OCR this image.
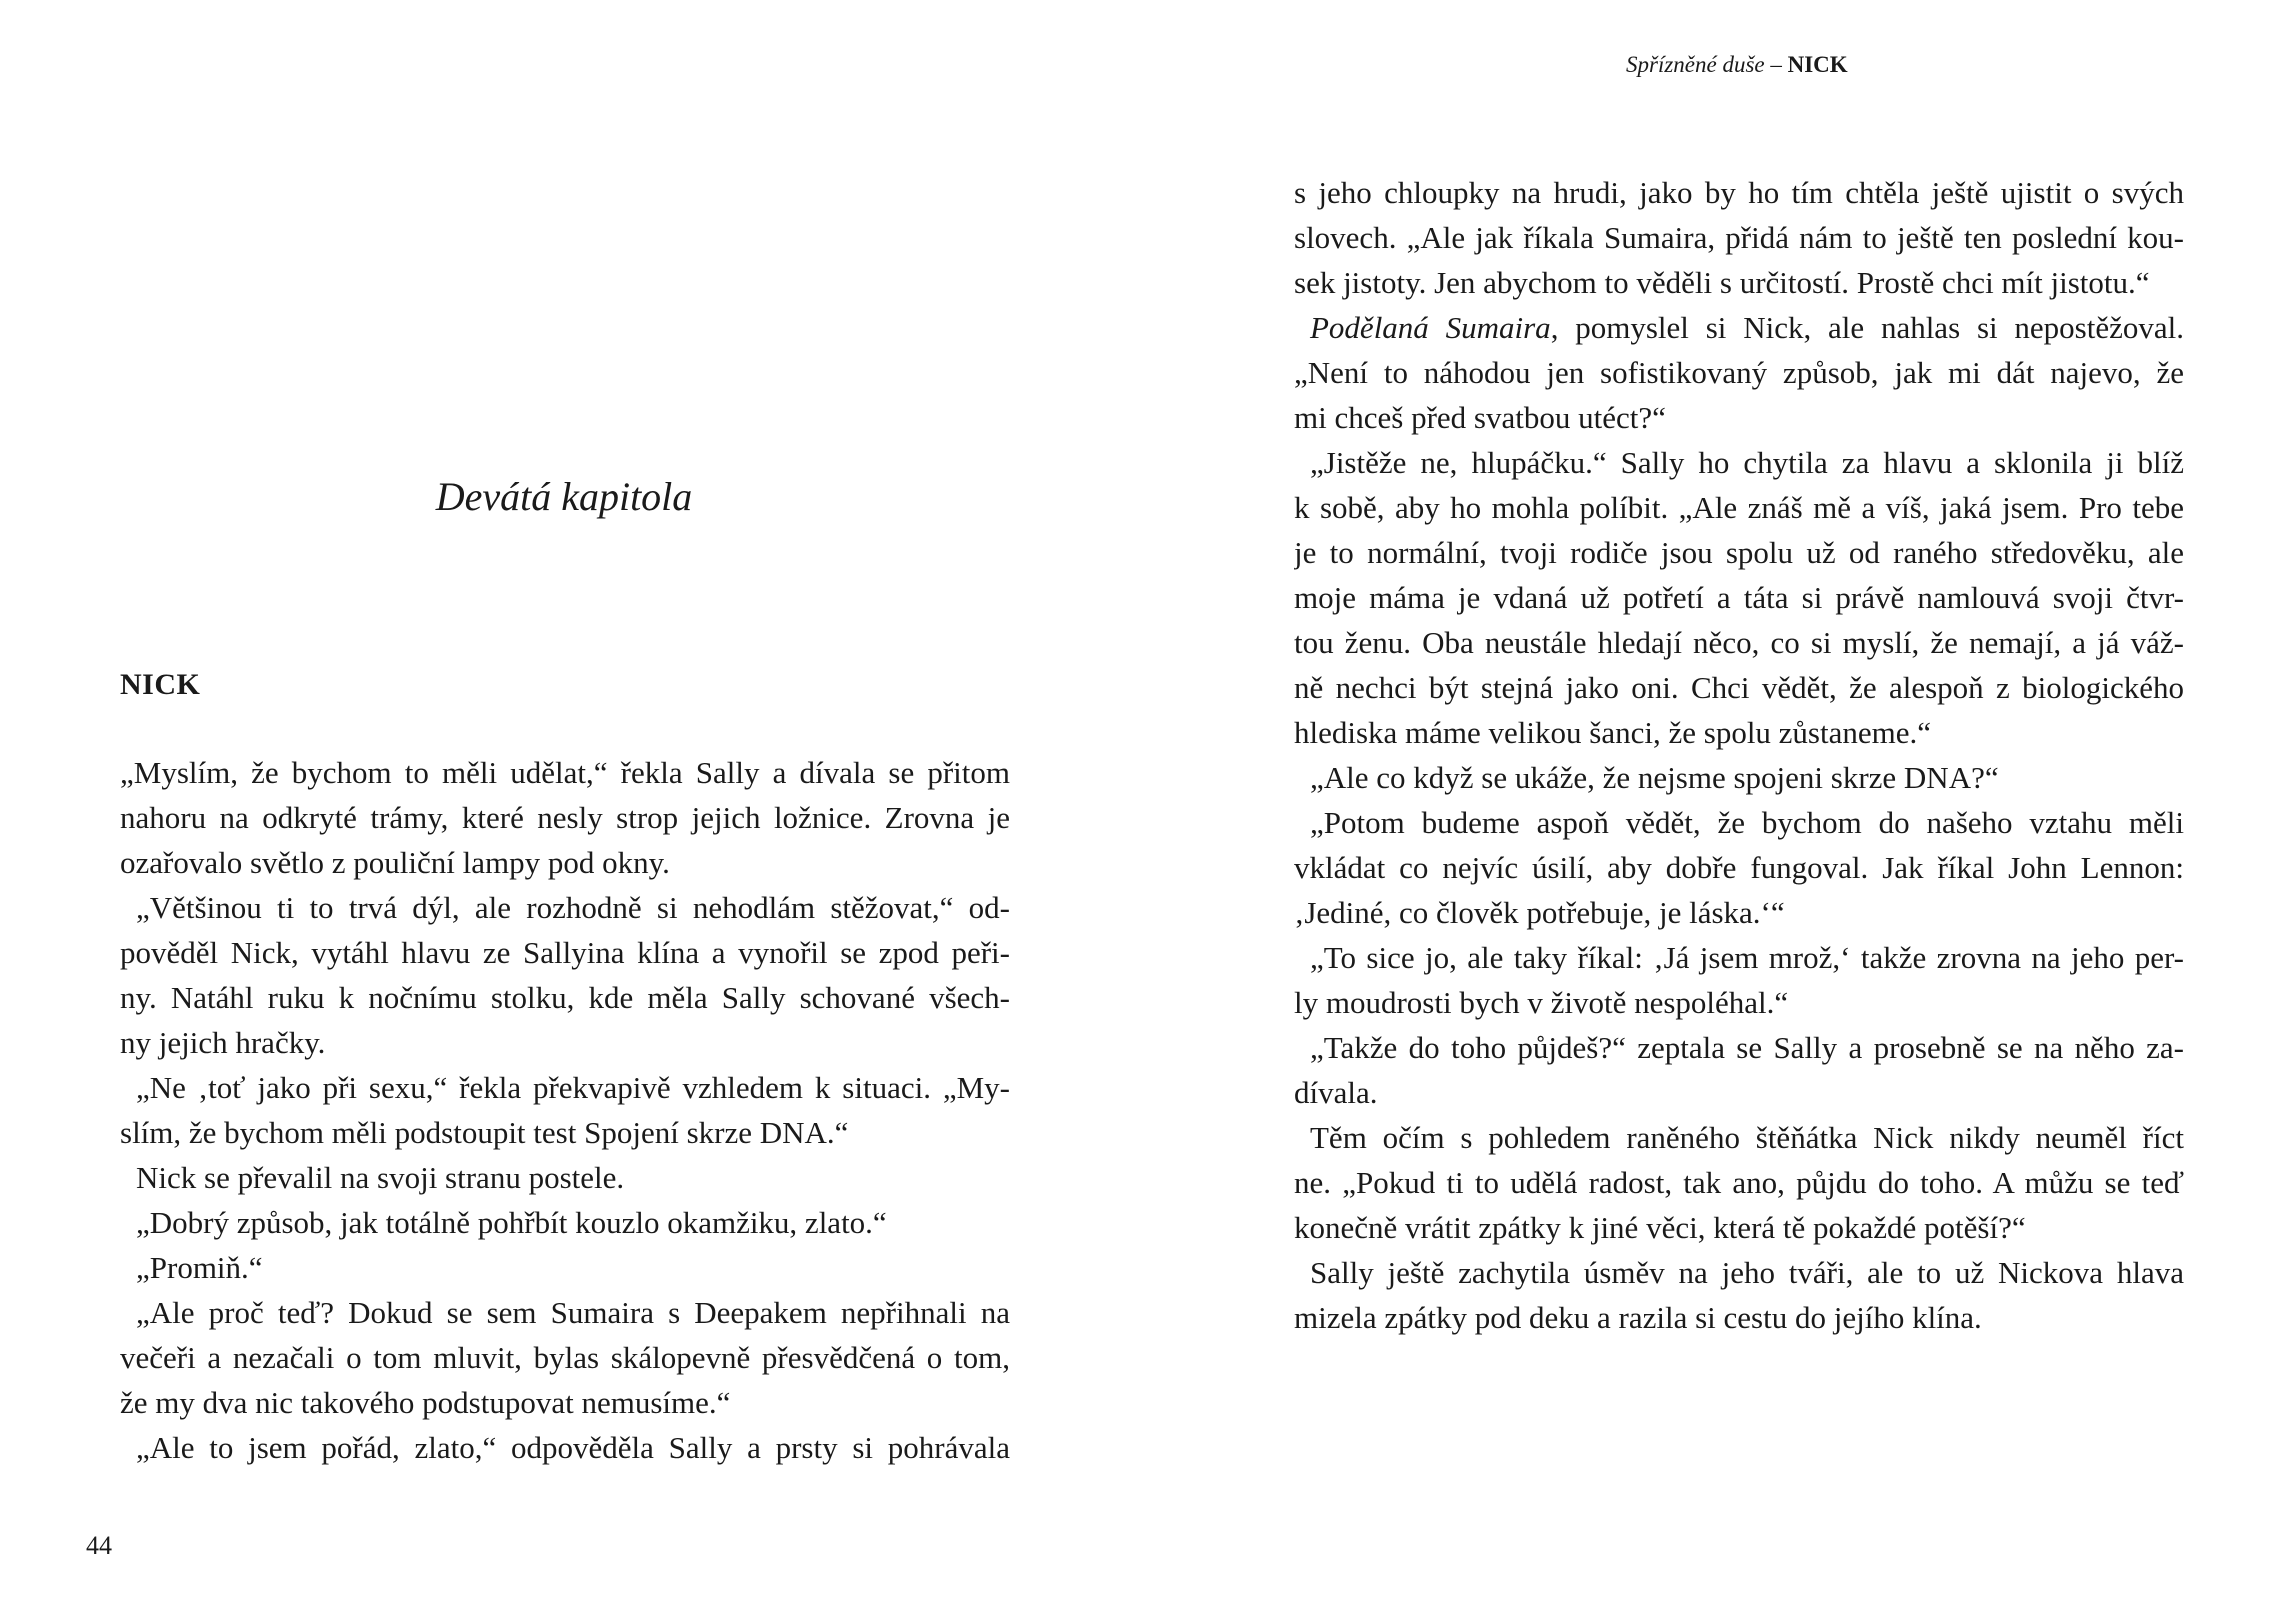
Spřízněné duše – NICK
Devátá kapitola
NICK
„Myslím, že bychom to měli udělat,“ řekla Sally a dívala se přitom
nahoru na odkryté trámy, které nesly strop jejich ložnice. Zrovna je
ozařovalo světlo z pouliční lampy pod okny.
„Většinou ti to trvá dýl, ale rozhodně si nehodlám stěžovat,“ od-
pověděl Nick, vytáhl hlavu ze Sallyina klína a vynořil se zpod peři-
ny. Natáhl ruku k nočnímu stolku, kde měla Sally schované všech-
ny jejich hračky.
„Ne ‚toť jako při sexu,“ řekla překvapivě vzhledem k situaci. „My-
slím, že bychom měli podstoupit test Spojení skrze DNA.“
Nick se převalil na svoji stranu postele.
„Dobrý způsob, jak totálně pohřbít kouzlo okamžiku, zlato.“
„Promiň.“
„Ale proč teď? Dokud se sem Sumaira s Deepakem nepřihnali na
večeři a nezačali o tom mluvit, bylas skálopevně přesvědčená o tom,
že my dva nic takového podstupovat nemusíme.“
„Ale to jsem pořád, zlato,“ odpověděla Sally a prsty si pohrávala
s jeho chloupky na hrudi, jako by ho tím chtěla ještě ujistit o svých
slovech. „Ale jak říkala Sumaira, přidá nám to ještě ten poslední kou-
sek jistoty. Jen abychom to věděli s určitostí. Prostě chci mít jistotu.“
Podělaná Sumaira, pomyslel si Nick, ale nahlas si nepostěžoval.
„Není to náhodou jen sofistikovaný způsob, jak mi dát najevo, že
mi chceš před svatbou utéct?“
„Jistěže ne, hlupáčku.“ Sally ho chytila za hlavu a sklonila ji blíž
k sobě, aby ho mohla políbit. „Ale znáš mě a víš, jaká jsem. Pro tebe
je to normální, tvoji rodiče jsou spolu už od raného středověku, ale
moje máma je vdaná už potřetí a táta si právě namlouvá svoji čtvr-
tou ženu. Oba neustále hledají něco, co si myslí, že nemají, a já váž-
ně nechci být stejná jako oni. Chci vědět, že alespoň z biologického
hlediska máme velikou šanci, že spolu zůstaneme.“
„Ale co když se ukáže, že nejsme spojeni skrze DNA?“
„Potom budeme aspoň vědět, že bychom do našeho vztahu měli
vkládat co nejvíc úsilí, aby dobře fungoval. Jak říkal John Lennon:
‚Jediné, co člověk potřebuje, je láska.‘“
„To sice jo, ale taky říkal: ‚Já jsem mrož,‘ takže zrovna na jeho per-
ly moudrosti bych v životě nespoléhal.“
„Takže do toho půjdeš?“ zeptala se Sally a prosebně se na něho za-
dívala.
Těm očím s pohledem raněného štěňátka Nick nikdy neuměl říct
ne. „Pokud ti to udělá radost, tak ano, půjdu do toho. A můžu se teď
konečně vrátit zpátky k jiné věci, která tě pokaždé potěší?“
Sally ještě zachytila úsměv na jeho tváři, ale to už Nickova hlava
mizela zpátky pod deku a razila si cestu do jejího klína.
44
